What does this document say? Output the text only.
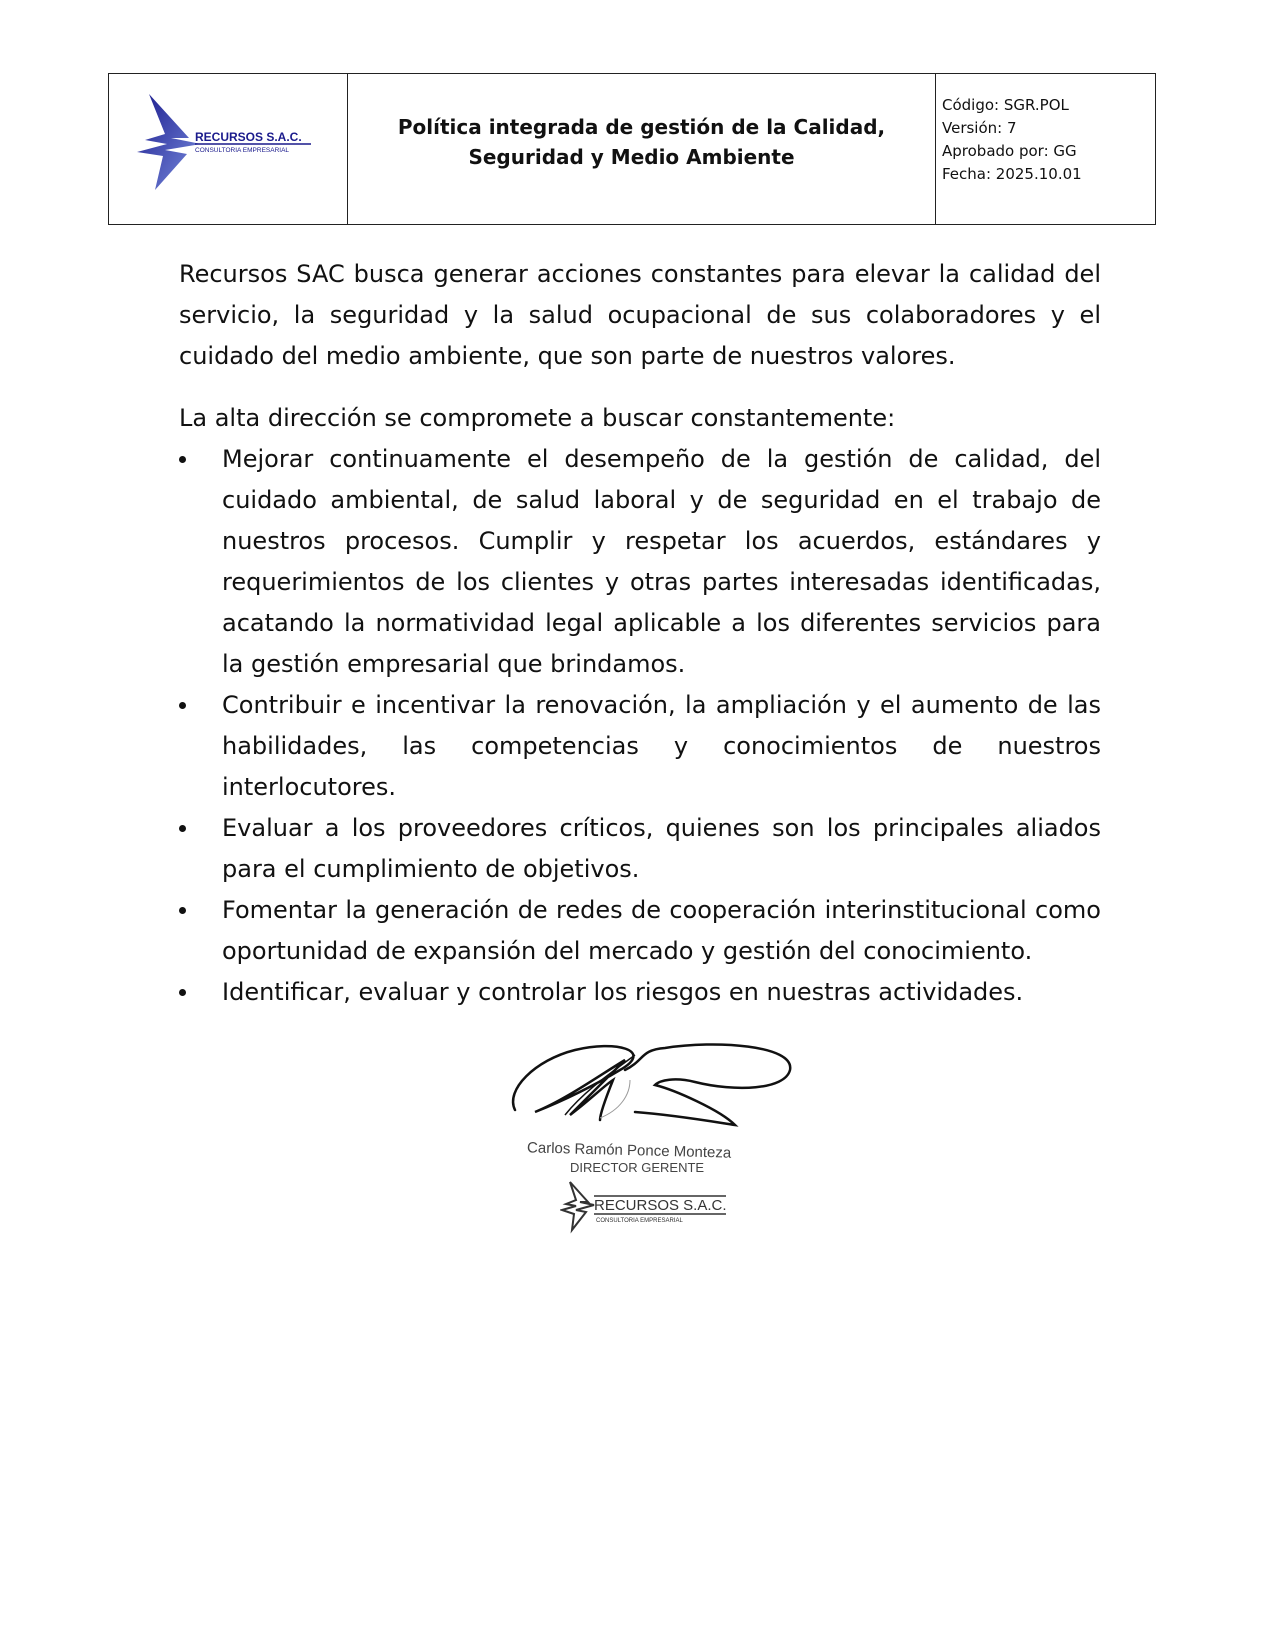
RECURSOS S.A.C.
CONSULTORIA EMPRESARIAL
Política integrada de gestión de la Calidad,
Seguridad y Medio Ambiente
Código: SGR.POL
Versión: 7
Aprobado por: GG
Fecha: 2025.10.01
Recursos SAC busca generar acciones constantes para elevar la calidad del servicio, la seguridad y la salud ocupacional de sus colaboradores y el cuidado del medio ambiente, que son parte de nuestros valores.
La alta dirección se compromete a buscar constantemente:
Mejorar continuamente el desempeño de la gestión de calidad, del cuidado ambiental, de salud laboral y de seguridad en el trabajo de nuestros procesos. Cumplir y respetar los acuerdos, estándares y requerimientos de los clientes y otras partes interesadas identificadas, acatando la normatividad legal aplicable a los diferentes servicios para la gestión empresarial que brindamos.
Contribuir e incentivar la renovación, la ampliación y el aumento de las habilidades, las competencias y conocimientos de nuestros interlocutores.
Evaluar a los proveedores críticos, quienes son los principales aliados para el cumplimiento de objetivos.
Fomentar la generación de redes de cooperación interinstitucional como oportunidad de expansión del mercado y gestión del conocimiento.
Identificar, evaluar y controlar los riesgos en nuestras actividades.
Carlos Ramón Ponce Monteza
DIRECTOR GERENTE
RECURSOS S.A.C.
CONSULTORIA EMPRESARIAL
